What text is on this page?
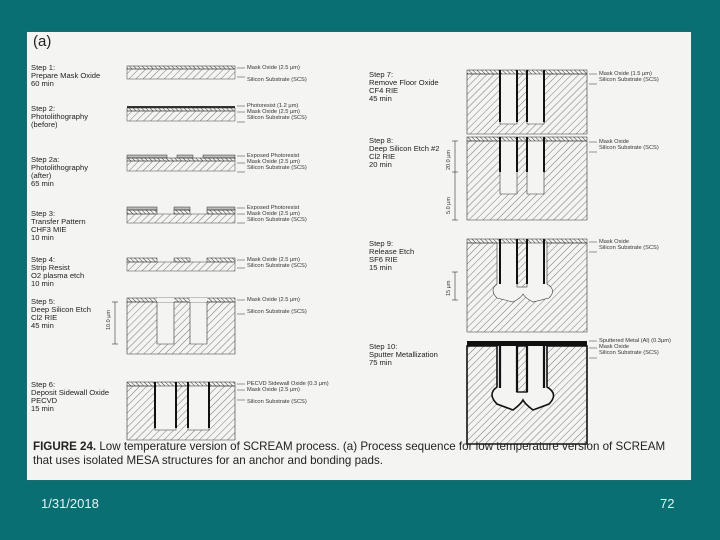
(a)
Step 1:
Prepare Mask Oxide
60 min
Mask Oxide (2.5 µm)

Silicon Substrate (SCS)
Step 2:
Photolithography
(before)
Photoresist (1.2 µm)
Mask Oxide (2.5 µm)
Silicon Substrate (SCS)
Step 2a:
Photolithography
(after)
65 min
Exposed Photoresist
Mask Oxide (2.5 µm)
Silicon Substrate (SCS)
Step 3:
Transfer Pattern
CHF3 MIE
10 min
Exposed Photoresist
Mask Oxide (2.5 µm)
Silicon Substrate (SCS)
Step 4:
Strip Resist
O2 plasma etch
10 min
Mask Oxide (2.5 µm)
Silicon Substrate (SCS)
Step 5:
Deep Silicon Etch
Cl2 RIE
45 min	10.0 µm
Mask Oxide (2.5 µm)

Silicon Substrate (SCS)
Step 6:
Deposit Sidewall Oxide
PECVD
15 min
PECVD Sidewall Oxide (0.3 µm)
Mask Oxide (2.5 µm)

Silicon Substrate (SCS)
Step 7:
Remove Floor Oxide
CF4 RIE
45 min
Mask Oxide (1.5 µm)
Silicon Substrate (SCS)
Step 8:
Deep Silicon Etch #2
Cl2 RIE
20 min	20.0 µm
5.0 µm
Mask Oxide
Silicon Substrate (SCS)
Step 9:
Release Etch
SF6 RIE
15 min
15 µm
Mask Oxide
Silicon Substrate (SCS)
Step 10:
Sputter Metallization
75 min
Sputtered Metal (Al) (0.3µm)
Mask Oxide
Silicon Substrate (SCS)
FIGURE 24. Low temperature version of SCREAM process. (a) Process sequence for low temperature version of SCREAM that uses isolated MESA structures for an anchor and bonding pads.
1/31/2018	72
